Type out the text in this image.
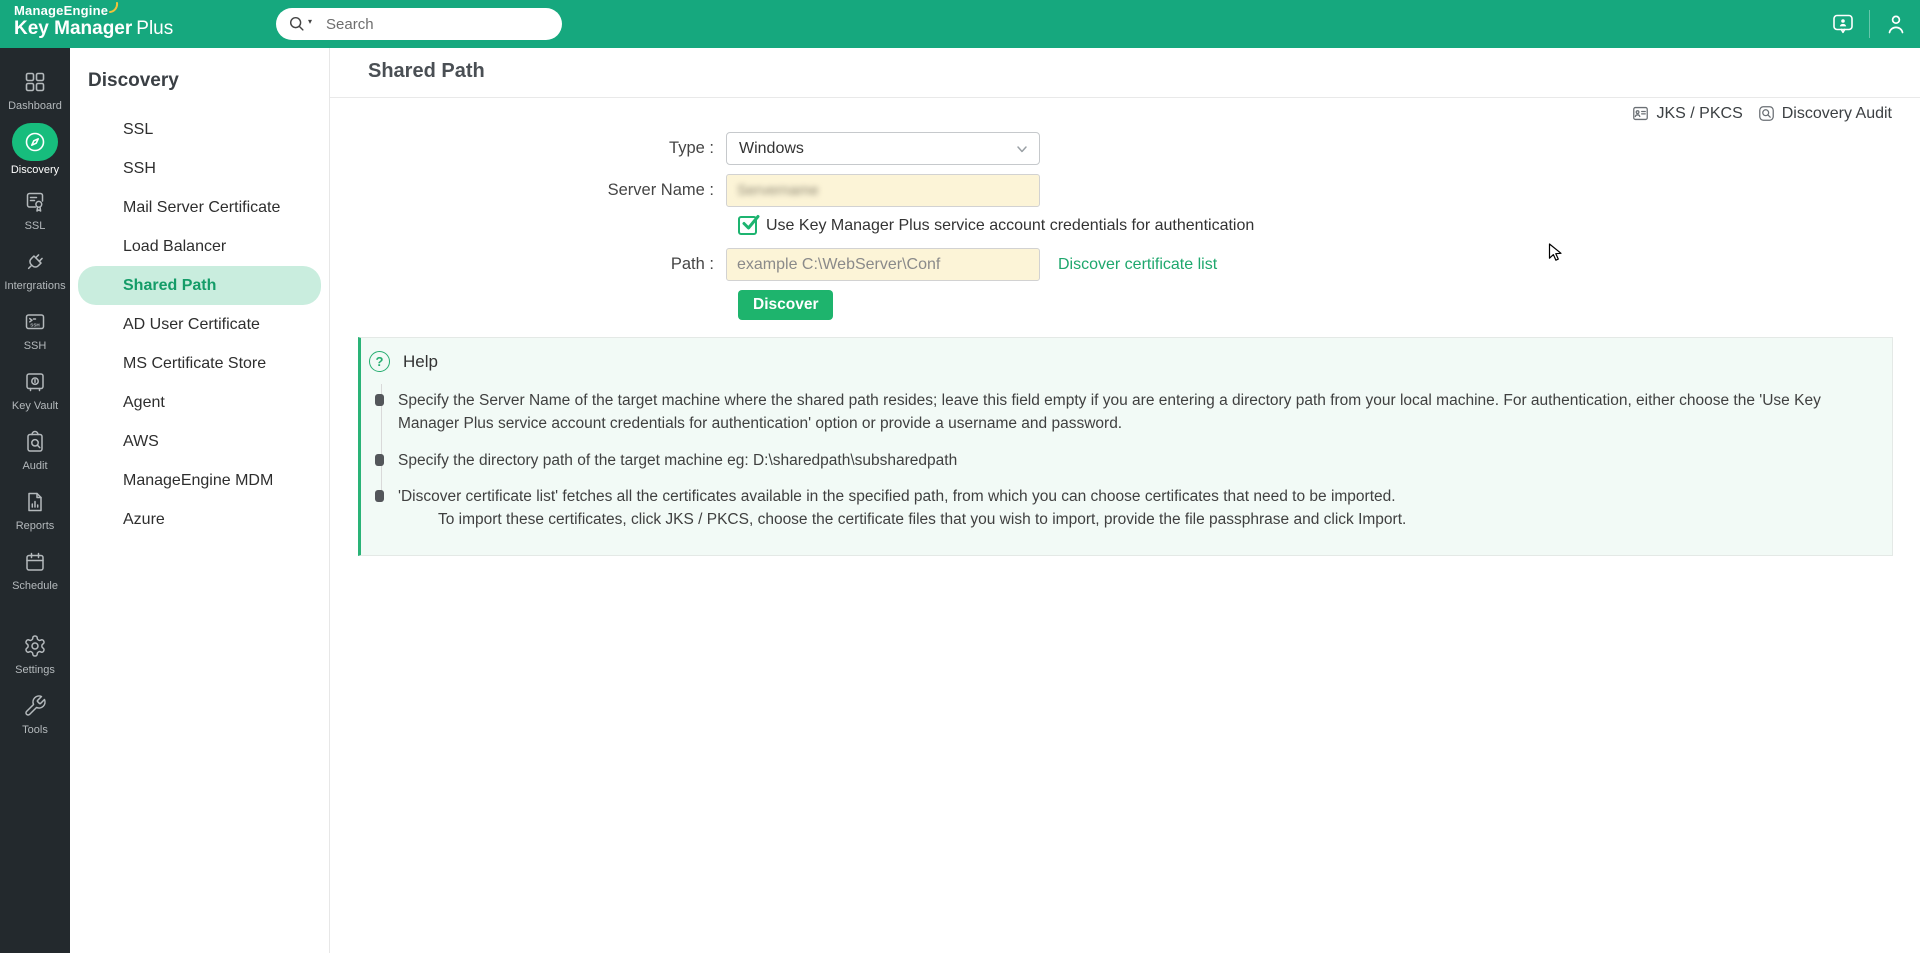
ManageEngine
Key Manager Plus	▾ Search
Dashboard
Discovery
SSL
Intergrations
SSH
SSH
Key Vault
Audit
Reports
Schedule
Settings
Tools
Discovery
SSL
SSH
Mail Server Certificate
Load Balancer
Shared Path
AD User Certificate
MS Certificate Store
Agent
AWS
ManageEngine MDM
Azure
Shared Path
JKS / PKCS Discovery Audit
Type :	Windows
Server Name :	Servername
Use Key Manager Plus service account credentials for authentication
Path :	example C:\WebServer\Conf	Discover certificate list
Discover
?	Help
Specify the Server Name of the target machine where the shared path resides; leave this field empty if you are entering a directory path from your local machine. For authentication, either choose the 'Use Key Manager Plus service account credentials for authentication' option or provide a username and password.
Specify the directory path of the target machine eg: D:\sharedpath\subsharedpath
'Discover certificate list' fetches all the certificates available in the specified path, from which you can choose certificates that need to be imported.
To import these certificates, click JKS / PKCS, choose the certificate files that you wish to import, provide the file passphrase and click Import.
